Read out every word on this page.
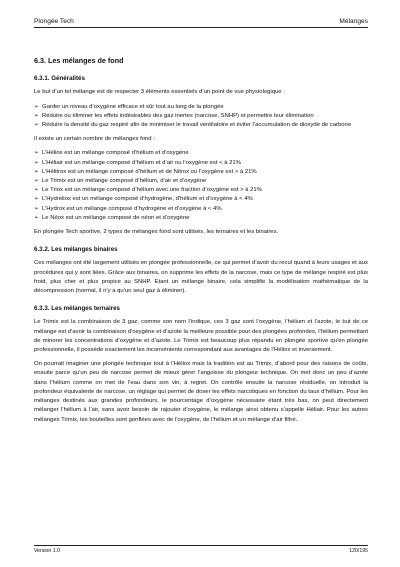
Plongée Tech	Mélanges
6.3. Les mélanges de fond
6.3.1. Généralités

Le but d’un tel mélange est de respecter 3 éléments essentiels d’un point de vue physiologique :

➢ Garder un niveau d’oxygène efficace et sûr tout au long de la plongée
➢ Réduire ou éliminer les effets indésirables des gaz inertes (narcose, SNHP) et permettre leur élimination
➢ Réduire la densité du gaz respiré afin de minimiser le travail ventilatoire et éviter l’accumulation de dioxyde de carbone

Il existe un certain nombre de mélanges fond :

➢ L’Héliox est un mélange composé d’hélium et d’oxygène
➢ L’Héliair est un mélange composé d’hélium et d’air ou l’oxygène est < à 21%
➢ L’Hélitrox est un mélange composé d’hélium et de Nitrox ou l’oxygène est > à 21%
➢ Le Trimix est un mélange composé d’hélium, d’air et d’oxygène
➢ Le Triox est un mélange composé d’hélium avec une fraction d’oxygène est > à 21%
➢ L’Hydreliox est un mélange composé d’hydrogène, d’hélium et d’oxygène à < 4%
➢ L’Hydrox est un mélange composé d’hydrogène et d’oxygène à < 4%
➢ Le Néox est un mélange composé de néon et d’oxygène

En plongée Tech sportive, 2 types de mélanges fond sont utilisés, les ternaires et les binaires.

6.3.2. Les mélanges binaires

Ces mélanges ont été largement utilisés en plongée professionnelle, ce qui permet d’avoir du recul quand à leurs usages et aux procédures qui y sont liées. Grâce aux binaires, on supprime les effets de la narcose, mais ce type de mélange respiré est plus froid, plus cher et plus propice au SNHP. Etant un mélange binaire, cela simplifie la modélisation mathématique de la décompression (normal, il n’y a qu’un seul gaz à éliminer).

6.3.3. Les mélanges ternaires

Le Trimix est la combinaison de 3 gaz, comme son nom l’indique, ces 3 gaz sont l’oxygène, l’hélium et l’azote, le but de ce mélange est d’avoir la combinaison d’oxygène et d’azote la meilleure possible pour des plongées profondes, l’hélium permettant de minorer les concentrations d’oxygène et d’azote. Le Trimix est beaucoup plus répandu en plongée sportive qu’en plongée professionnelle, il possède exactement les inconvénients correspondant aux avantages de l’Héliox et inversement.

On pourrait imaginer une plongée technique tout à l’Héliox mais la tradition est au Trimix, d’abord pour des raisons de coûts, ensuite parce qu’un peu de narcose permet de mieux gérer l’angoisse du plongeur technique. On met donc un peu d’azote dans l’hélium comme on met de l’eau dans son vin, à regret. On contrôle ensuite la narcose résiduelle, on introduit la profondeur équivalente de narcose, un réglage qui permet de doser les effets narcotiques en fonction du taux d’hélium. Pour les mélanges destinés aux grandes profondeurs, le pourcentage d’oxygène nécessaire étant très bas, on peut directement mélanger l’hélium à l’air, sans avoir besoin de rajouter d’oxygène, le mélange ainsi obtenu s’appelle Héliair. Pour les autres mélanges Trimix, les bouteilles sont gonflées avec de l’oxygène, de l’hélium et un mélange d’air filtré.

Version 1.0	120/195
